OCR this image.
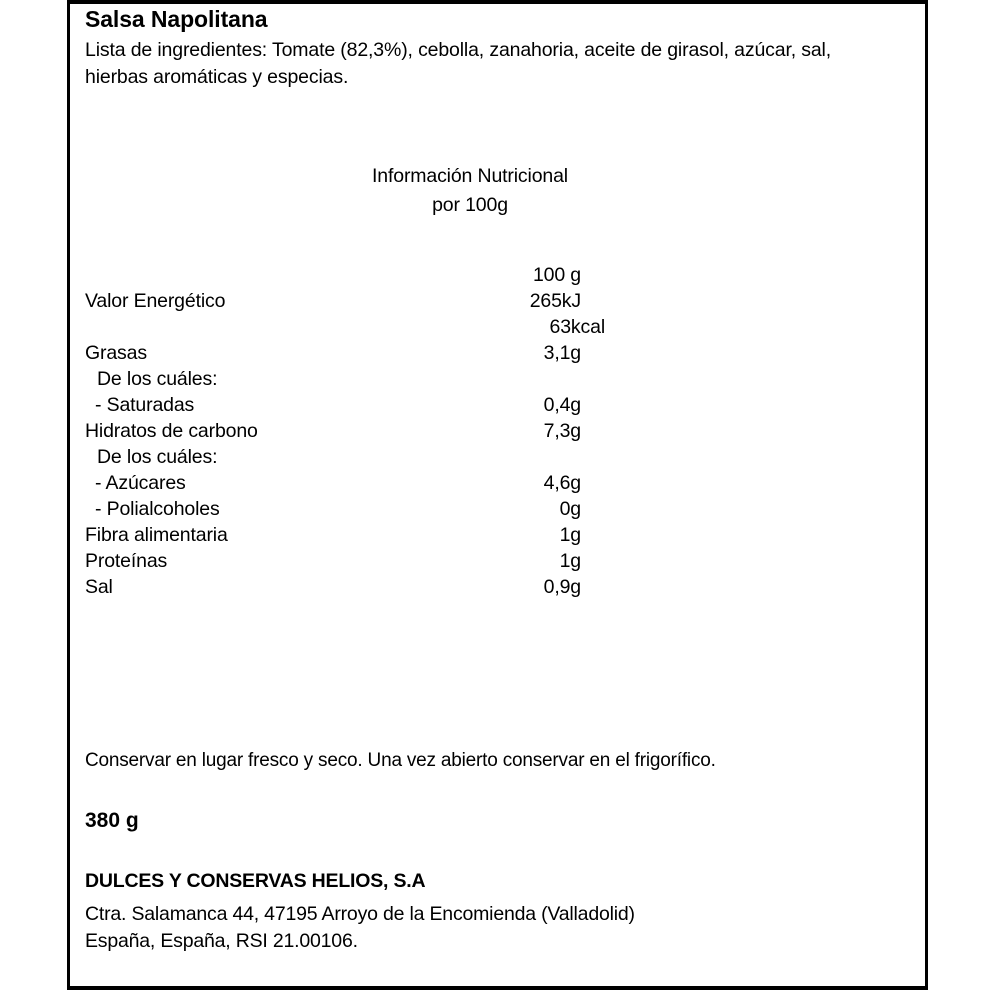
Salsa Napolitana
Lista de ingredientes: Tomate (82,3%), cebolla, zanahoria, aceite de girasol, azúcar, sal, hierbas aromáticas y especias.
Información Nutricional
por 100g
100 g
Valor Energético	265kJ
63kcal
Grasas	3,1g
De los cuáles:
- Saturadas	0,4g
Hidratos de carbono	7,3g
De los cuáles:
- Azúcares	4,6g
- Polialcoholes	0g
Fibra alimentaria	1g
Proteínas	1g
Sal	0,9g
Conservar en lugar fresco y seco. Una vez abierto conservar en el frigorífico.
380 g
DULCES Y CONSERVAS HELIOS, S.A
Ctra. Salamanca 44, 47195 Arroyo de la Encomienda (Valladolid)
España, España, RSI 21.00106.
